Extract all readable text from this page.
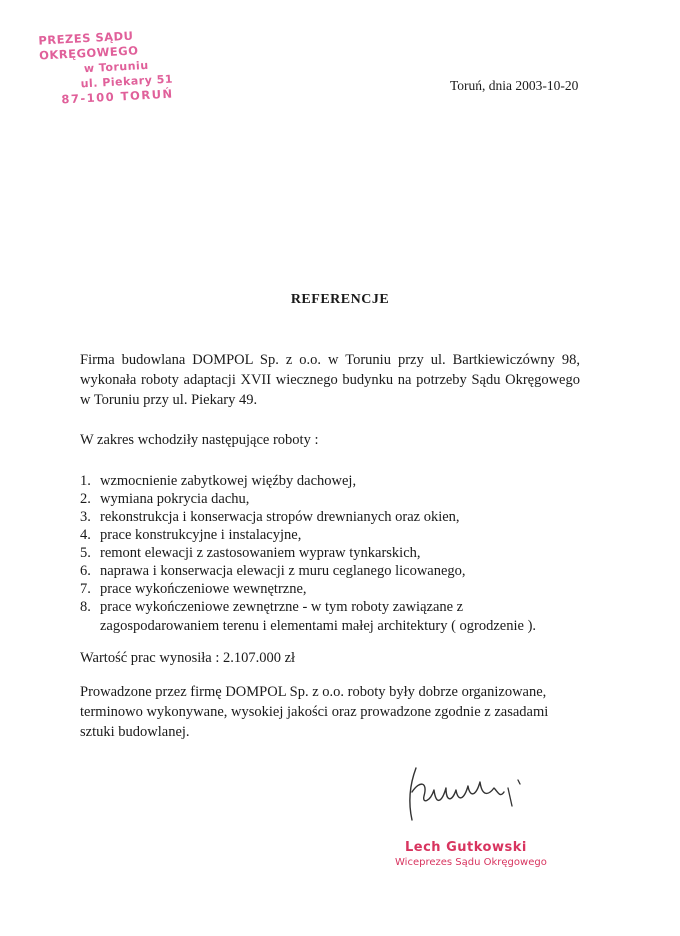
PREZES SĄDU OKRĘGOWEGO
w Toruniu
ul. Piekary 51
87-100 TORUŃ
Toruń, dnia 2003-10-20
REFERENCJE
Firma budowlana DOMPOL Sp. z o.o. w Toruniu przy ul. Bartkiewiczówny 98, wykonała roboty adaptacji XVII wiecznego budynku na potrzeby Sądu Okręgowego w Toruniu przy ul. Piekary 49.
W zakres wchodziły następujące roboty :
1. wzmocnienie zabytkowej więźby dachowej,
2. wymiana pokrycia dachu,
3. rekonstrukcja i konserwacja stropów drewnianych oraz okien,
4. prace konstrukcyjne i instalacyjne,
5. remont elewacji z zastosowaniem wypraw tynkarskich,
6. naprawa i konserwacja elewacji z muru ceglanego licowanego,
7. prace wykończeniowe wewnętrzne,
8. prace wykończeniowe zewnętrzne - w tym roboty zawiązane z
zagospodarowaniem terenu i elementami małej architektury ( ogrodzenie ).
Wartość prac wynosiła : 2.107.000 zł
Prowadzone przez firmę DOMPOL Sp. z o.o. roboty były dobrze organizowane, terminowo wykonywane, wysokiej jakości oraz prowadzone zgodnie z zasadami sztuki budowlanej.
Lech Gutkowski
Wiceprezes Sądu Okręgowego
